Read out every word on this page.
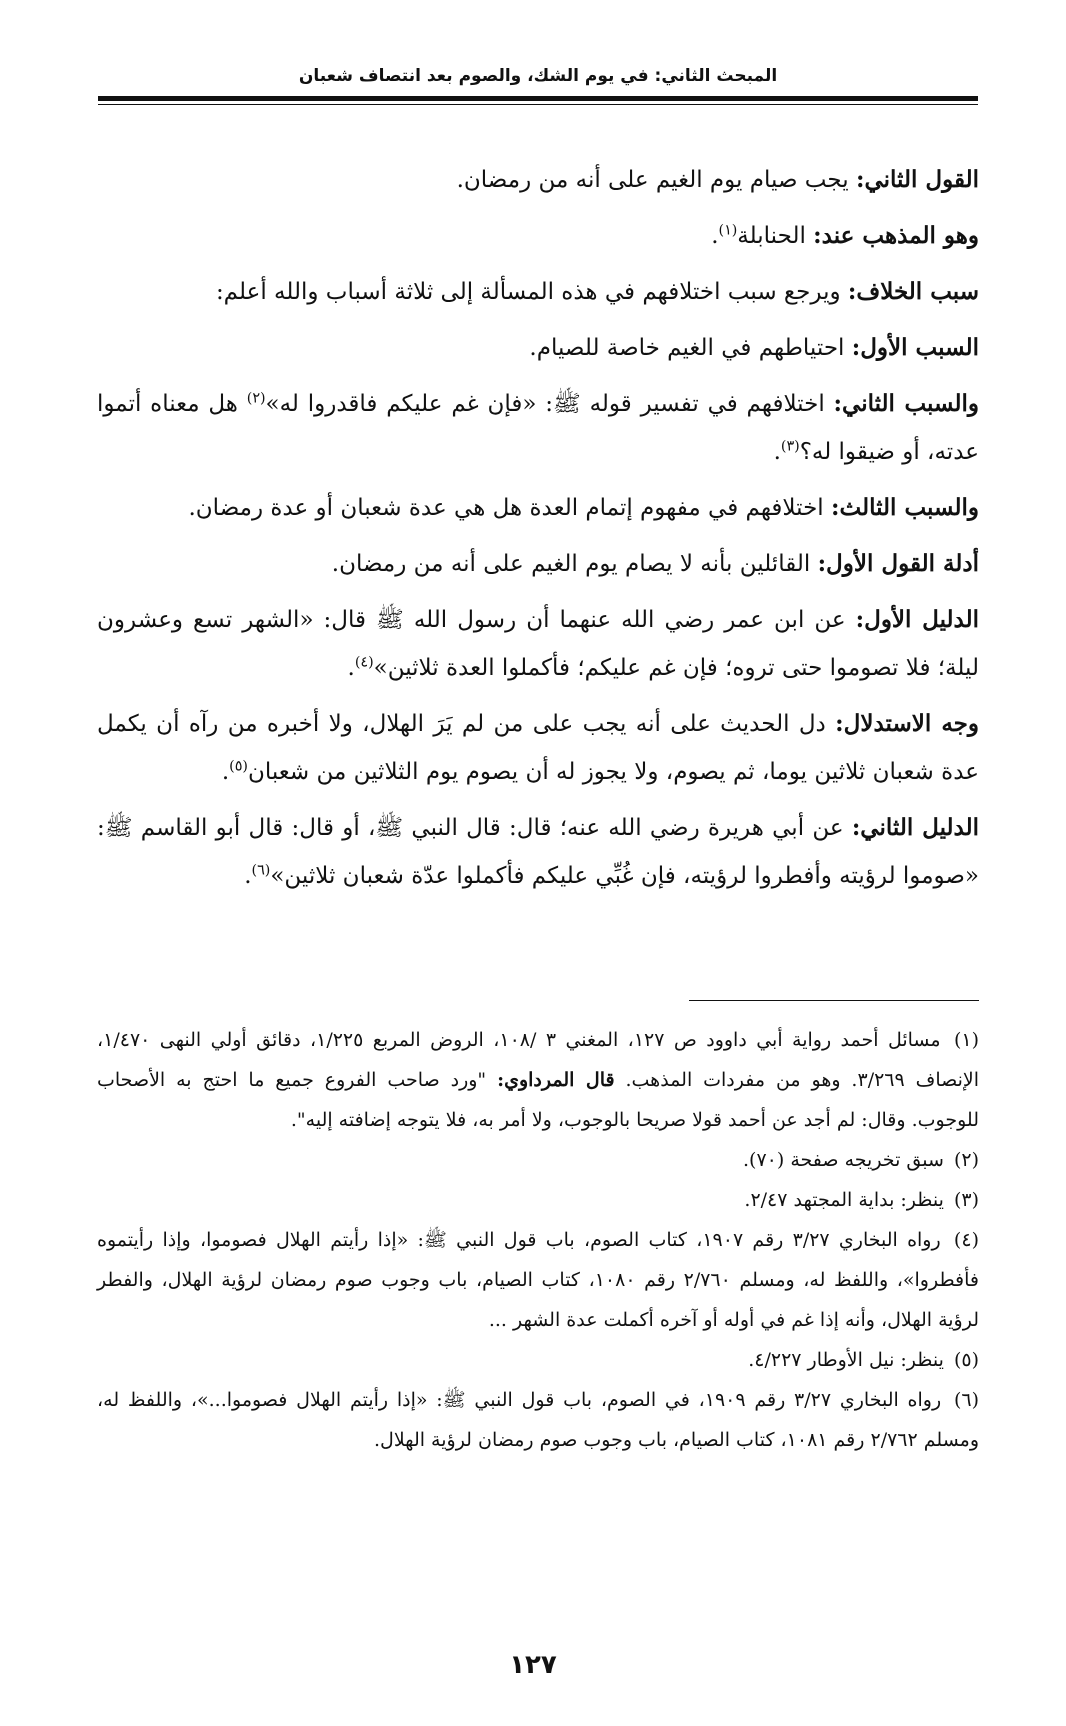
المبحث الثاني: في يوم الشك، والصوم بعد انتصاف شعبان

القول الثاني: يجب صيام يوم الغيم على أنه من رمضان.

وهو المذهب عند: الحنابلة$^{(١)}$.

سبب الخلاف: ويرجع سبب اختلافهم في هذه المسألة إلى ثلاثة أسباب والله أعلم:

السبب الأول: احتياطهم في الغيم خاصة للصيام.

والسبب الثاني: اختلافهم في تفسير قوله ﷺ: «فإن غم عليكم فاقدروا له»$^{(٢)}$ هل معناه أتموا عدته، أو ضيقوا له؟$^{(٣)}$.

والسبب الثالث: اختلافهم في مفهوم إتمام العدة هل هي عدة شعبان أو عدة رمضان.

أدلة القول الأول: القائلين بأنه لا يصام يوم الغيم على أنه من رمضان.

الدليل الأول: عن ابن عمر رضي الله عنهما أن رسول الله ﷺ قال: «الشهر تسع وعشرون ليلة؛ فلا تصوموا حتى تروه؛ فإن غم عليكم؛ فأكملوا العدة ثلاثين»$^{(٤)}$.

وجه الاستدلال: دل الحديث على أنه يجب على من لم يَرَ الهلال، ولا أخبره من رآه أن يكمل عدة شعبان ثلاثين يوما، ثم يصوم، ولا يجوز له أن يصوم يوم الثلاثين من شعبان$^{(٥)}$.

الدليل الثاني: عن أبي هريرة رضي الله عنه؛ قال: قال النبي ﷺ، أو قال: قال أبو القاسم ﷺ: «صوموا لرؤيته وأفطروا لرؤيته، فإن غُبِّي عليكم فأكملوا عدّة شعبان ثلاثين»$^{(٦)}$.

(١) مسائل أحمد رواية أبي داوود ص ١٢٧، المغني ٣ /١٠٨، الروض المربع ١/٢٢٥، دقائق أولي النهى ١/٤٧٠، الإنصاف ٣/٢٦٩. وهو من مفردات المذهب. قال المرداوي: "ورد صاحب الفروع جميع ما احتج به الأصحاب للوجوب. وقال: لم أجد عن أحمد قولا صريحا بالوجوب، ولا أمر به، فلا يتوجه إضافته إليه".

(٢) سبق تخريجه صفحة (٧٠).

(٣) ينظر: بداية المجتهد ٢/٤٧.

(٤) رواه البخاري ٣/٢٧ رقم ١٩٠٧، كتاب الصوم، باب قول النبي ﷺ: «إذا رأيتم الهلال فصوموا، وإذا رأيتموه فأفطروا»، واللفظ له، ومسلم ٢/٧٦٠ رقم ١٠٨٠، كتاب الصيام، باب وجوب صوم رمضان لرؤية الهلال، والفطر لرؤية الهلال، وأنه إذا غم في أوله أو آخره أكملت عدة الشهر ...

(٥) ينظر: نيل الأوطار ٤/٢٢٧.

(٦) رواه البخاري ٣/٢٧ رقم ١٩٠٩، في الصوم، باب قول النبي ﷺ: «إذا رأيتم الهلال فصوموا...»، واللفظ له، ومسلم ٢/٧٦٢ رقم ١٠٨١، كتاب الصيام، باب وجوب صوم رمضان لرؤية الهلال.

١٢٧
